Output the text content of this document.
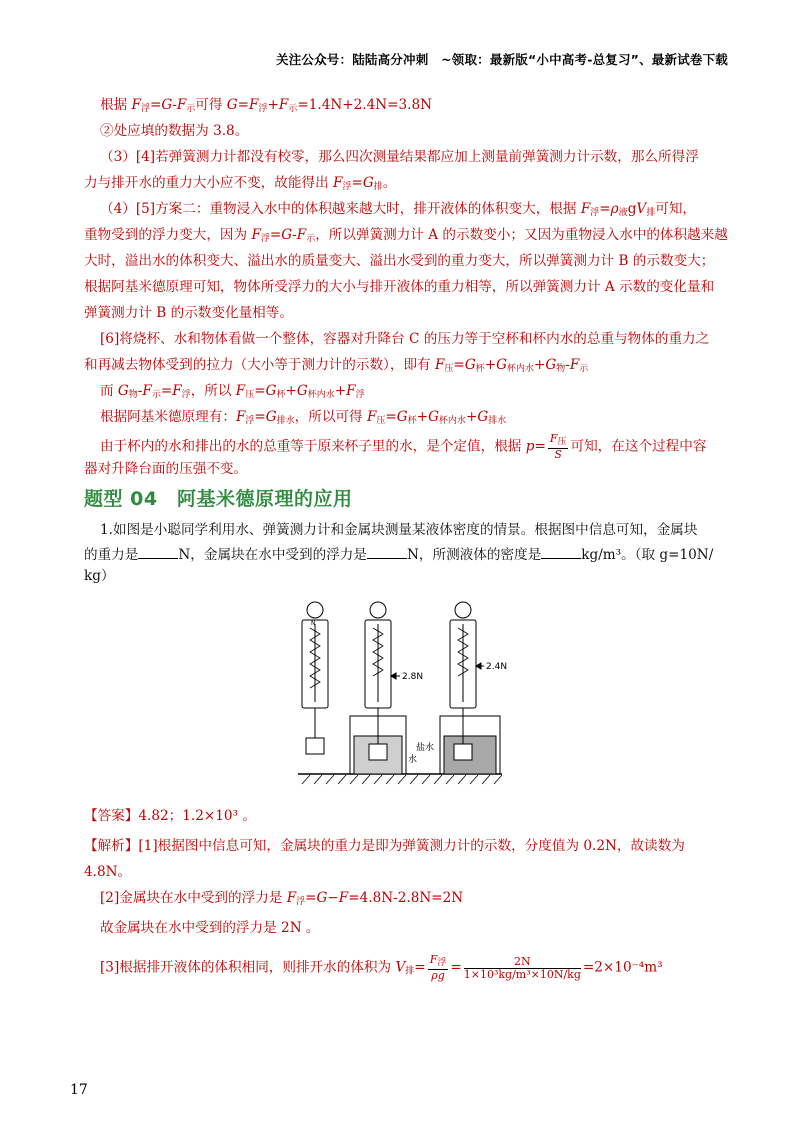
关注公众号：陆陆高分冲刺　~领取：最新版“小中高考-总复习”、最新试卷下载
根据 $F_浮=G-F_示$可得 $G=F_浮+F_示=1.4N+2.4N=3.8N$
②处应填的数据为 3.8。
（3）[4]若弹簧测力计都没有校零，那么四次测量结果都应加上测量前弹簧测力计示数，那么所得浮
力与排开水的重力大小应不变，故能得出 $F_浮=G_排$。
（4）[5]方案二：重物浸入水中的体积越来越大时，排开液体的体积变大，根据 $F_浮=\rho_液gV_排$可知，
重物受到的浮力变大，因为 $F_浮=G-F_示$，所以弹簧测力计 A 的示数变小；又因为重物浸入水中的体积越来越
大时，溢出水的体积变大、溢出水的质量变大、溢出水受到的重力变大，所以弹簧测力计 B 的示数变大；
根据阿基米德原理可知，物体所受浮力的大小与排开液体的重力相等，所以弹簧测力计 A 示数的变化量和
弹簧测力计 B 的示数变化量相等。
[6]将烧杯、水和物体看做一个整体，容器对升降台 C 的压力等于空杯和杯内水的总重与物体的重力之
和再减去物体受到的拉力（大小等于测力计的示数），即有 $F_压=G_杯+G_{杯内水}+G_物-F_示$
而 $G_物-F_示=F_浮$，所以 $F_压=G_杯+G_{杯内水}+F_浮$
根据阿基米德原理有：$F_浮=G_{排水}$，所以可得 $F_压=G_杯+G_{杯内水}+G_{排水}$
由于杯内的水和排出的水的总重等于原来杯子里的水，是个定值，根据 $p= \frac{F_压}{S}$ 可知，在这个过程中容
器对升降台面的压强不变。
题型 04　阿基米德原理的应用
1.如图是小聪同学利用水、弹簧测力计和金属块测量某液体密度的情景。根据图中信息可知，金属块
的重力是	N，金属块在水中受到的浮力是	N，所测液体的密度是	kg/m³。（取 g=10N/
kg）
2.8N
2.4N
水
盐水
N
【答案】4.82；1.2×10³ 。
【解析】[1]根据图中信息可知，金属块的重力是即为弹簧测力计的示数，分度值为 0.2N，故读数为
4.8N。
[2]金属块在水中受到的浮力是 $F_浮=G-F=4.8N-2.8N=2N$
故金属块在水中受到的浮力是 2N 。
[3]根据排开液体的体积相同，则排开水的体积为 $V_排= \frac{F_浮}{\rho g} = \frac{2N}{\text{1×10³kg/m³×10N/kg}} =2\times 10^{-4}m^3$
17
